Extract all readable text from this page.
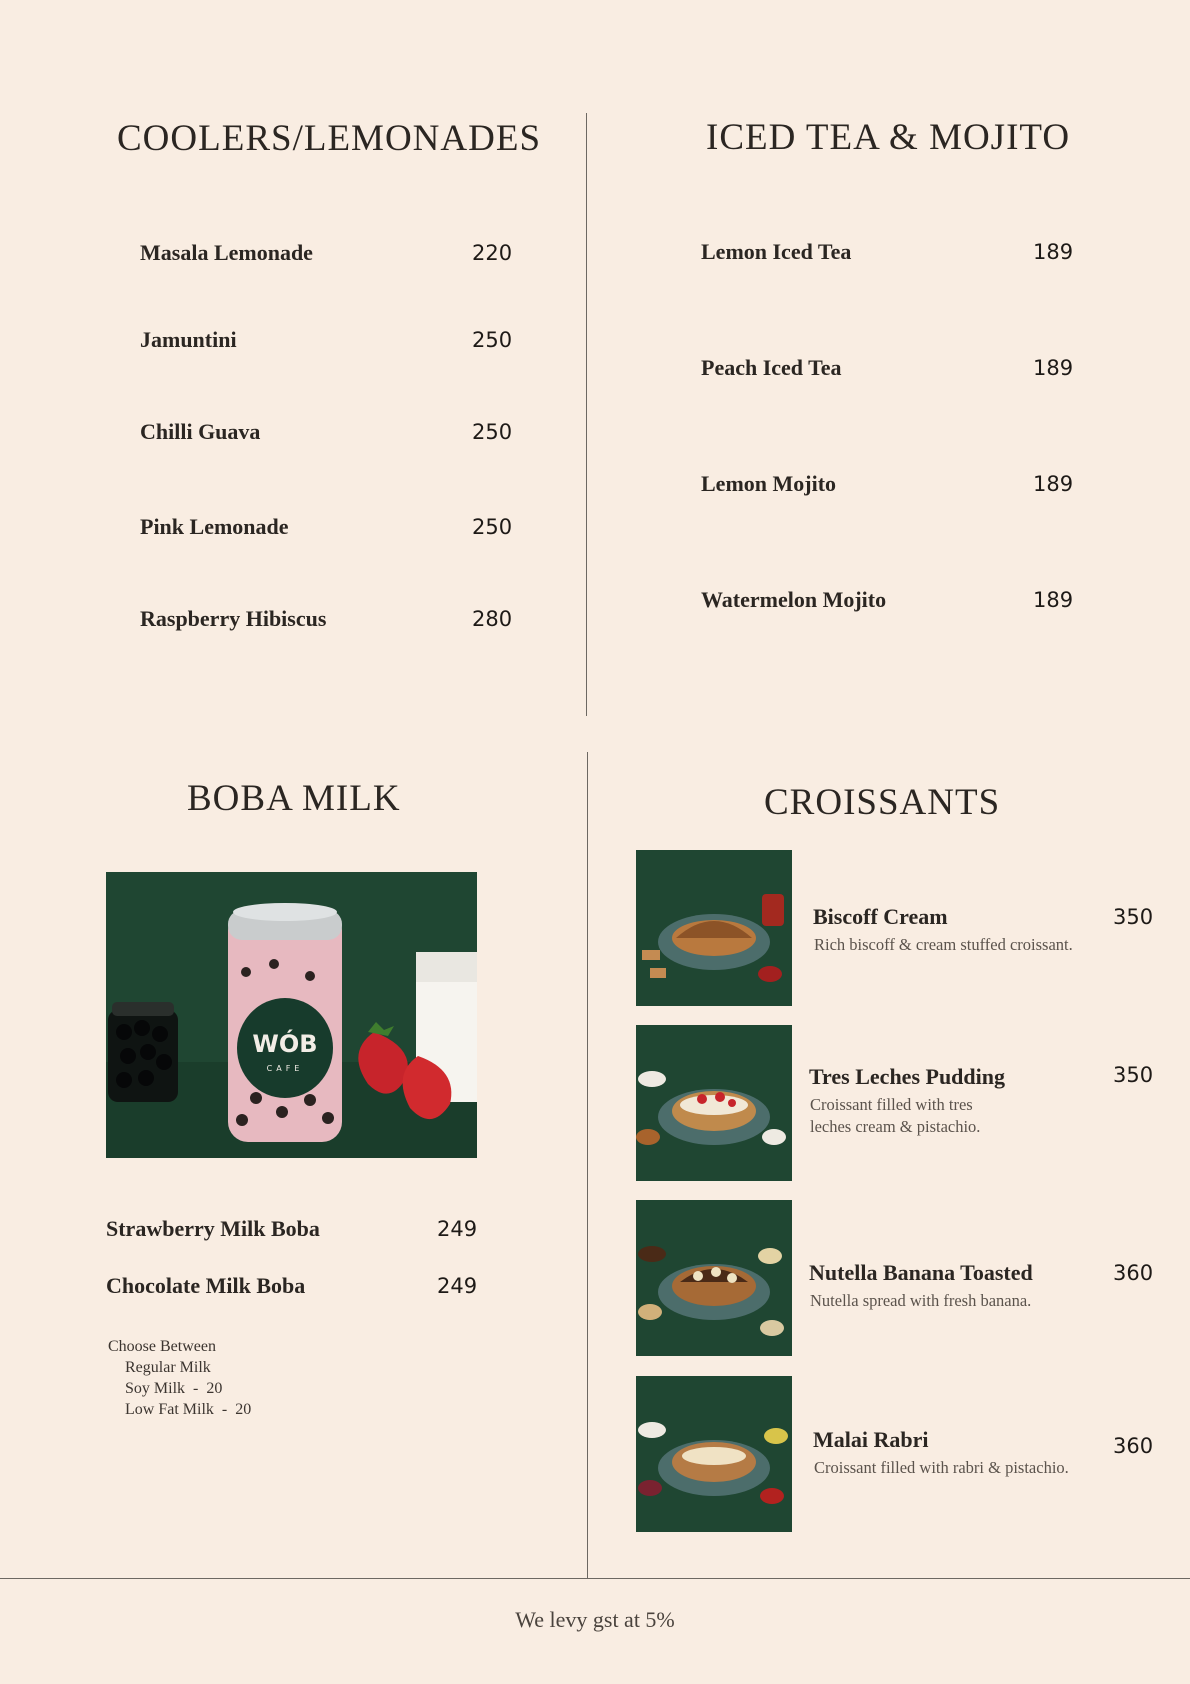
COOLERS/LEMONADES
Masala Lemonade	220
Jamuntini	250
Chilli Guava	250
Pink Lemonade	250
Raspberry Hibiscus	280
ICED TEA & MOJITO
Lemon Iced Tea	189
Peach Iced Tea	189
Lemon Mojito	189
Watermelon Mojito	189
BOBA MILK
WÓB
CAFE
Strawberry Milk Boba	249
Chocolate Milk Boba	249
Choose Between
Regular Milk
Soy Milk  -  20
Low Fat Milk  -  20
CROISSANTS
Biscoff Cream	350
Rich biscoff & cream stuffed croissant.
Tres Leches Pudding	350
Croissant filled with tres leches cream & pistachio.
Nutella Banana Toasted	360
Nutella spread with fresh banana.
Malai Rabri	360
Croissant filled with rabri & pistachio.
We levy gst at 5%
